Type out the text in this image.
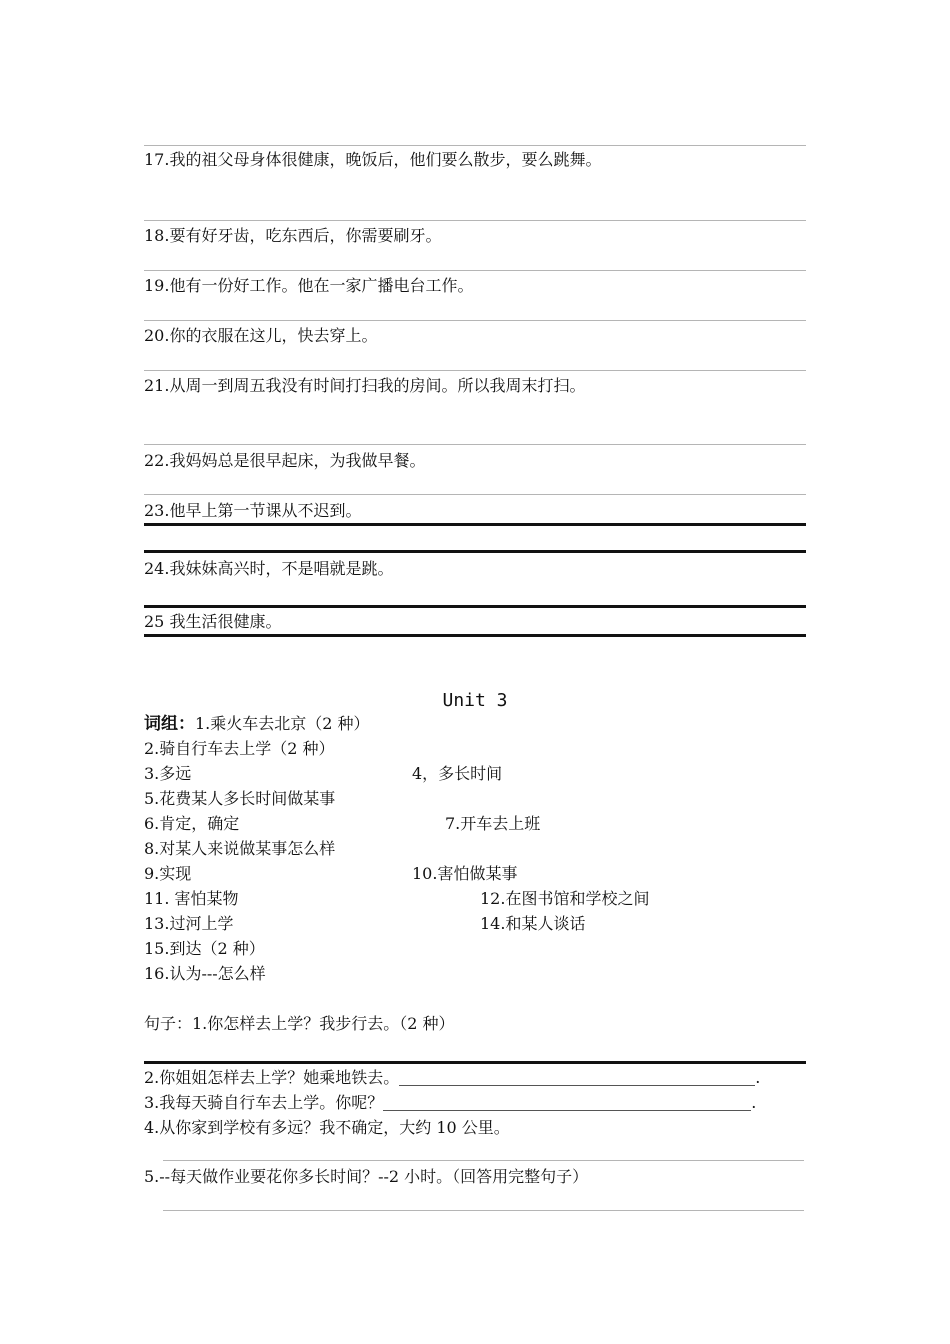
17.我的祖父母身体很健康，晚饭后，他们要么散步，要么跳舞。
18.要有好牙齿，吃东西后，你需要刷牙。
19.他有一份好工作。他在一家广播电台工作。
20.你的衣服在这儿，快去穿上。
21.从周一到周五我没有时间打扫我的房间。所以我周末打扫。
22.我妈妈总是很早起床，为我做早餐。
23.他早上第一节课从不迟到。
24.我妹妹高兴时，不是唱就是跳。
25 我生活很健康。
Unit 3
词组：1.乘火车去北京（2 种）
2.骑自行车去上学（2 种）
3.多远	4，多长时间
5.花费某人多长时间做某事
6.肯定，确定	7.开车去上班
8.对某人来说做某事怎么样
9.实现	10.害怕做某事
11. 害怕某物	12.在图书馆和学校之间
13.过河上学	14.和某人谈话
15.到达（2 种）
16.认为---怎么样
句子：1.你怎样去上学？我步行去。（2 种）
2.你姐姐怎样去上学？她乘地铁去。	.
3.我每天骑自行车去上学。你呢？	.
4.从你家到学校有多远？我不确定，大约 10 公里。
5.--每天做作业要花你多长时间？--2 小时。（回答用完整句子）
